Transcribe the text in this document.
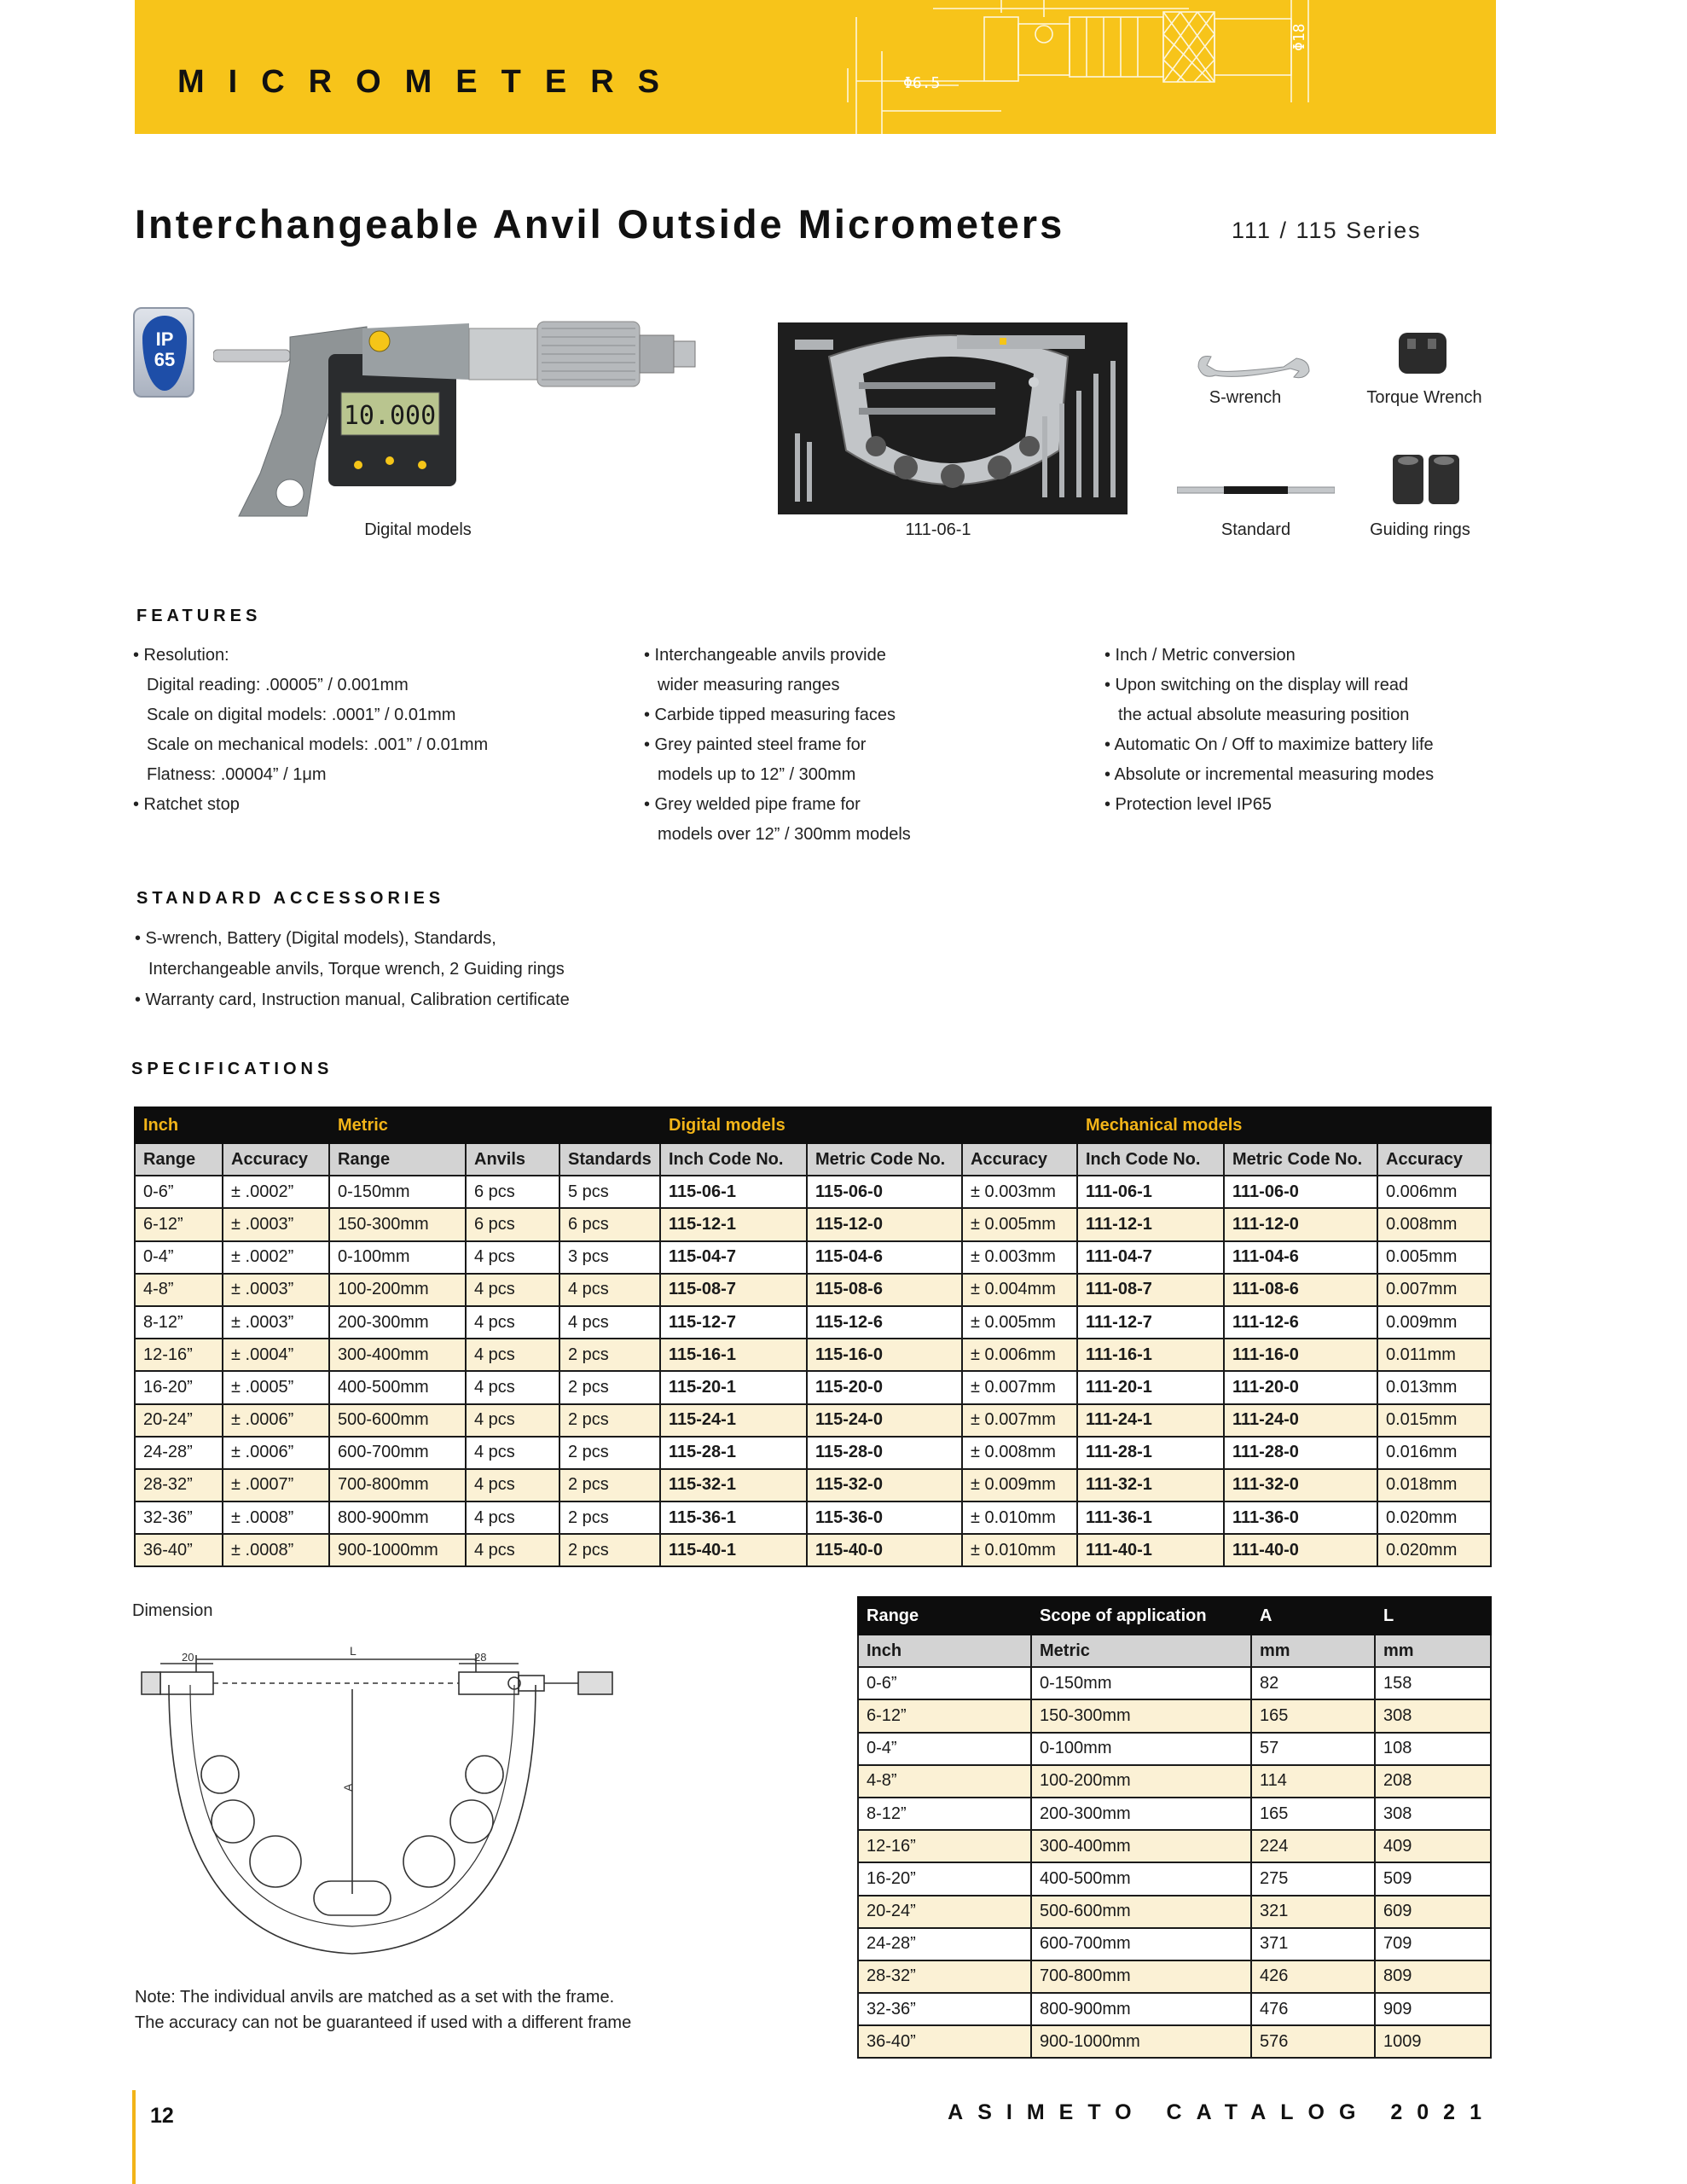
MICROMETERS	Φ6.5
Φ18
Interchangeable Anvil Outside Micrometers	111 / 115 Series
IP
65
10.000
Digital models	111-06-1
S-wrench	Torque Wrench
Standard	Guiding rings
FEATURES
• Resolution:
Digital reading: .00005” / 0.001mm
Scale on digital models: .0001” / 0.01mm
Scale on mechanical models: .001” / 0.01mm
Flatness: .00004” / 1μm
• Ratchet stop
• Interchangeable anvils provide
wider measuring ranges
• Carbide tipped measuring faces
• Grey painted steel frame for
models up to 12” / 300mm
• Grey welded pipe frame for
models over 12” / 300mm models
• Inch / Metric conversion
• Upon switching on the display will read
the actual absolute measuring position
• Automatic On / Off to maximize battery life
• Absolute or incremental measuring modes
• Protection level IP65
STANDARD ACCESSORIES
• S-wrench, Battery (Digital models), Standards,
Interchangeable anvils, Torque wrench, 2 Guiding rings
• Warranty card, Instruction manual, Calibration certificate
SPECIFICATIONS
Inch		Metric			Digital models			Mechanical models		
Range	Accuracy	Range	Anvils	Standards	Inch Code No.	Metric Code No.	Accuracy	Inch Code No.	Metric Code No.	Accuracy
0-6”	± .0002”	0-150mm	6 pcs	5 pcs	115-06-1	115-06-0	± 0.003mm	111-06-1	111-06-0	0.006mm
6-12”	± .0003”	150-300mm	6 pcs	6 pcs	115-12-1	115-12-0	± 0.005mm	111-12-1	111-12-0	0.008mm
0-4”	± .0002”	0-100mm	4 pcs	3 pcs	115-04-7	115-04-6	± 0.003mm	111-04-7	111-04-6	0.005mm
4-8”	± .0003”	100-200mm	4 pcs	4 pcs	115-08-7	115-08-6	± 0.004mm	111-08-7	111-08-6	0.007mm
8-12”	± .0003”	200-300mm	4 pcs	4 pcs	115-12-7	115-12-6	± 0.005mm	111-12-7	111-12-6	0.009mm
12-16”	± .0004”	300-400mm	4 pcs	2 pcs	115-16-1	115-16-0	± 0.006mm	111-16-1	111-16-0	0.011mm
16-20”	± .0005”	400-500mm	4 pcs	2 pcs	115-20-1	115-20-0	± 0.007mm	111-20-1	111-20-0	0.013mm
20-24”	± .0006”	500-600mm	4 pcs	2 pcs	115-24-1	115-24-0	± 0.007mm	111-24-1	111-24-0	0.015mm
24-28”	± .0006”	600-700mm	4 pcs	2 pcs	115-28-1	115-28-0	± 0.008mm	111-28-1	111-28-0	0.016mm
28-32”	± .0007”	700-800mm	4 pcs	2 pcs	115-32-1	115-32-0	± 0.009mm	111-32-1	111-32-0	0.018mm
32-36”	± .0008”	800-900mm	4 pcs	2 pcs	115-36-1	115-36-0	± 0.010mm	111-36-1	111-36-0	0.020mm
36-40”	± .0008”	900-1000mm	4 pcs	2 pcs	115-40-1	115-40-0	± 0.010mm	111-40-1	111-40-0	0.020mm
Dimension
L
A
20	28
Note: The individual anvils are matched as a set with the frame.
The accuracy can not be guaranteed if used with a different frame
Range	Scope of application	A	L
Inch	Metric	mm	mm
0-6”	0-150mm	82	158
6-12”	150-300mm	165	308
0-4”	0-100mm	57	108
4-8”	100-200mm	114	208
8-12”	200-300mm	165	308
12-16”	300-400mm	224	409
16-20”	400-500mm	275	509
20-24”	500-600mm	321	609
24-28”	600-700mm	371	709
28-32”	700-800mm	426	809
32-36”	800-900mm	476	909
36-40”	900-1000mm	576	1009
12	ASIMETO CATALOG 2021
